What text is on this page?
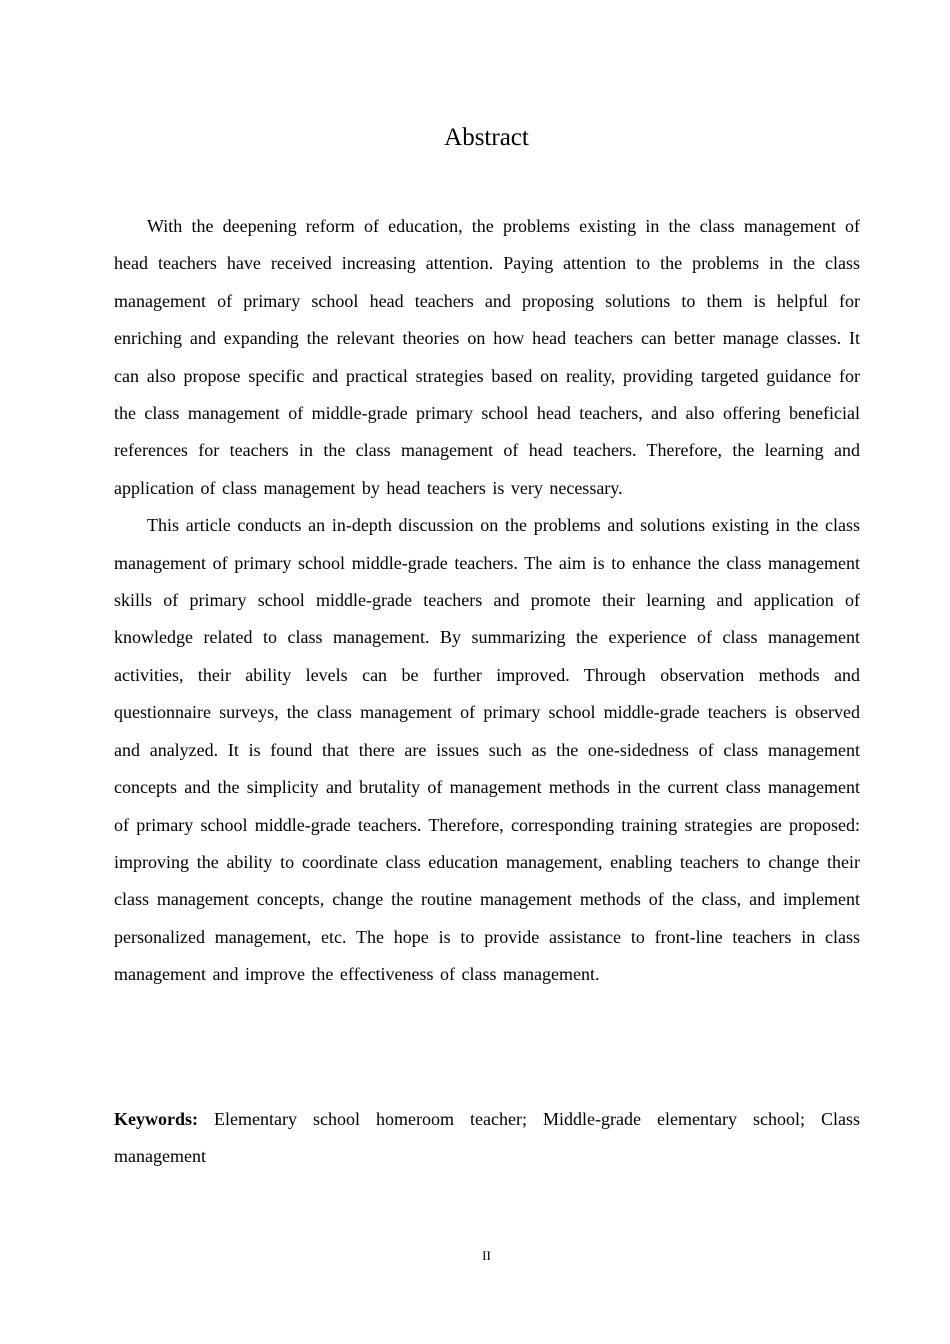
Abstract

With the deepening reform of education, the problems existing in the class management of head teachers have received increasing attention. Paying attention to the problems in the class management of primary school head teachers and proposing solutions to them is helpful for enriching and expanding the relevant theories on how head teachers can better manage classes. It can also propose specific and practical strategies based on reality, providing targeted guidance for the class management of middle-grade primary school head teachers, and also offering beneficial references for teachers in the class management of head teachers. Therefore, the learning and application of class management by head teachers is very necessary.

This article conducts an in-depth discussion on the problems and solutions existing in the class management of primary school middle-grade teachers. The aim is to enhance the class management skills of primary school middle-grade teachers and promote their learning and application of knowledge related to class management. By summarizing the experience of class management activities, their ability levels can be further improved. Through observation methods and questionnaire surveys, the class management of primary school middle-grade teachers is observed and analyzed. It is found that there are issues such as the one-sidedness of class management concepts and the simplicity and brutality of management methods in the current class management of primary school middle-grade teachers. Therefore, corresponding training strategies are proposed: improving the ability to coordinate class education management, enabling teachers to change their class management concepts, change the routine management methods of the class, and implement personalized management, etc. The hope is to provide assistance to front-line teachers in class management and improve the effectiveness of class management.

Keywords: Elementary school homeroom teacher; Middle-grade elementary school; Class management

II
